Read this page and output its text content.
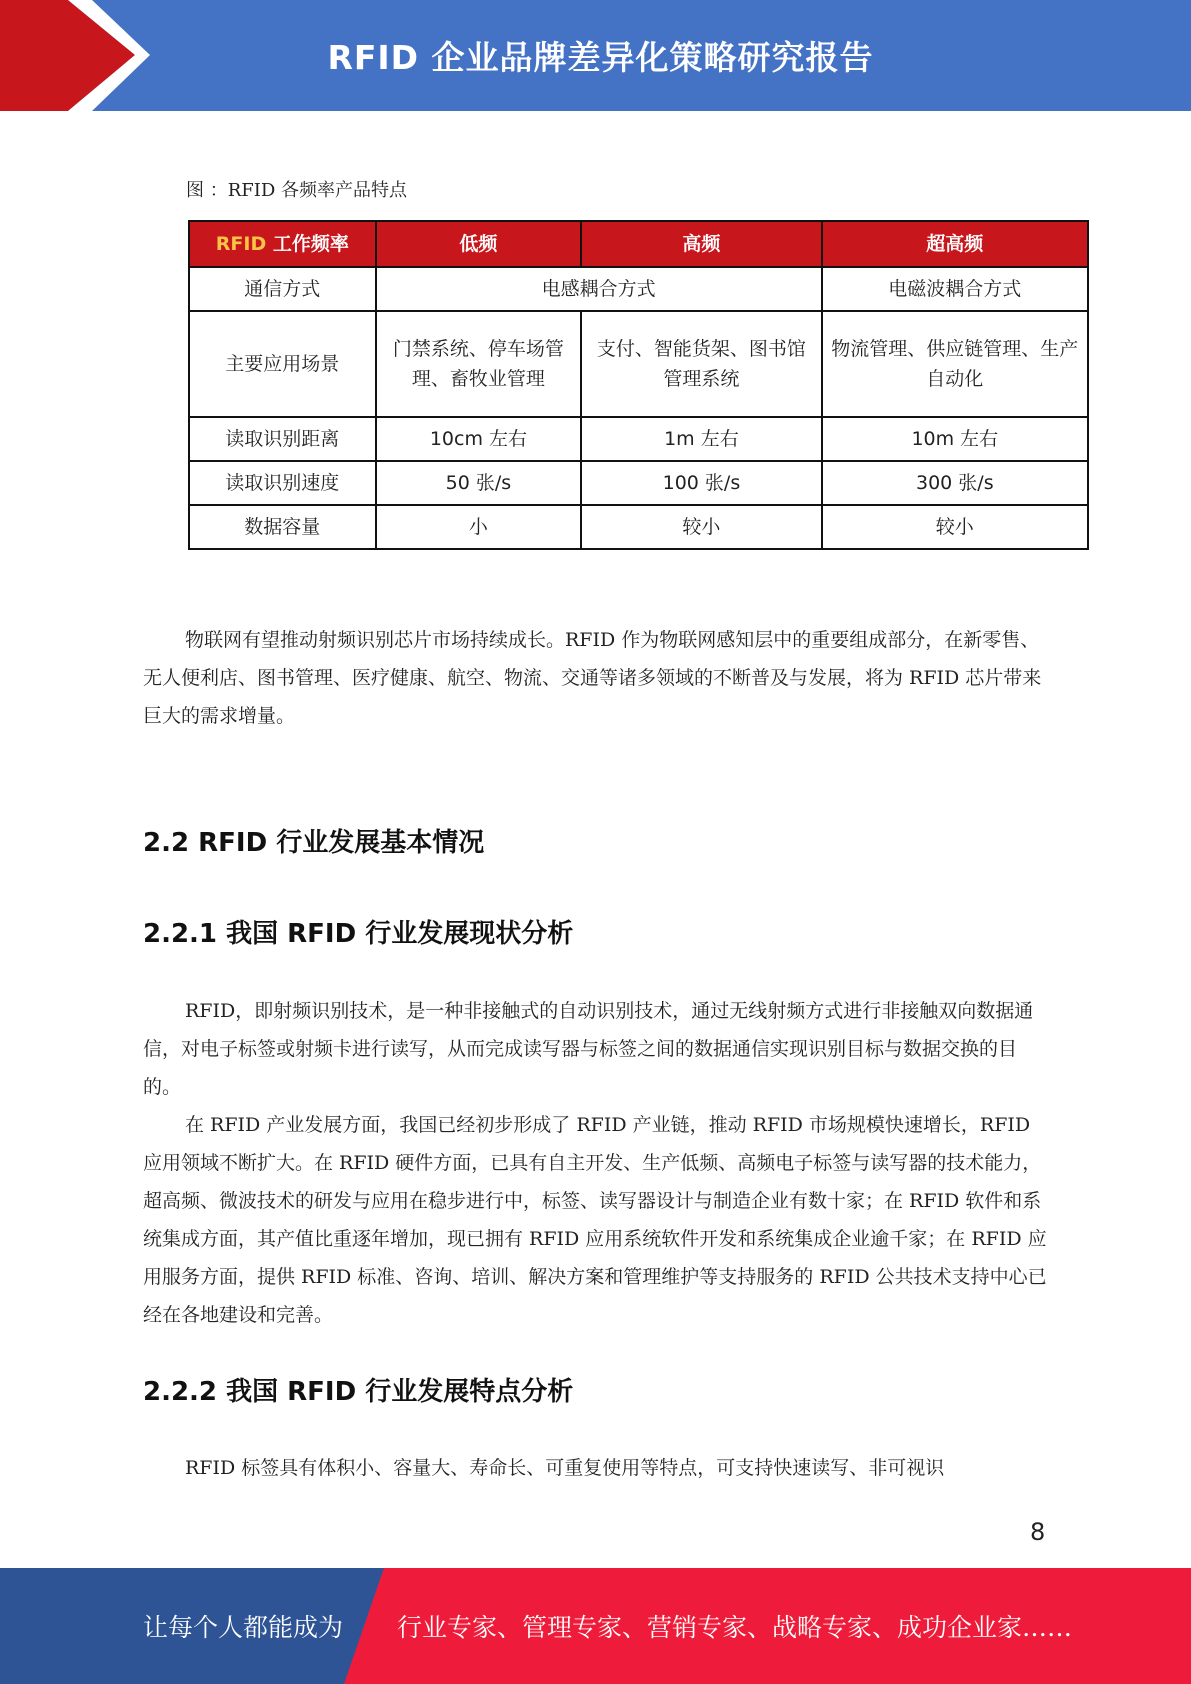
RFID 企业品牌差异化策略研究报告
图 ：RFID 各频率产品特点
RFID 工作频率	低频	高频	超高频
通信方式	电感耦合方式		电磁波耦合方式
主要应用场景	门禁系统、停车场管理、畜牧业管理	支付、智能货架、图书馆管理系统	物流管理、供应链管理、生产自动化
读取识别距离	10cm 左右	1m 左右	10m 左右
读取识别速度	50 张/s	100 张/s	300 张/s
数据容量	小	较小	较小

物联网有望推动射频识别芯片市场持续成长。RFID 作为物联网感知层中的重要组成部分，在新零售、无人便利店、图书管理、医疗健康、航空、物流、交通等诸多领域的不断普及与发展，将为 RFID 芯片带来巨大的需求增量。

2.2 RFID 行业发展基本情况
2.2.1 我国 RFID 行业发展现状分析

RFID，即射频识别技术，是一种非接触式的自动识别技术，通过无线射频方式进行非接触双向数据通信，对电子标签或射频卡进行读写，从而完成读写器与标签之间的数据通信实现识别目标与数据交换的目的。

在 RFID 产业发展方面，我国已经初步形成了 RFID 产业链，推动 RFID 市场规模快速增长，RFID 应用领域不断扩大。在 RFID 硬件方面，已具有自主开发、生产低频、高频电子标签与读写器的技术能力，超高频、微波技术的研发与应用在稳步进行中，标签、读写器设计与制造企业有数十家；在 RFID 软件和系统集成方面，其产值比重逐年增加，现已拥有 RFID 应用系统软件开发和系统集成企业逾千家；在 RFID 应用服务方面，提供 RFID 标准、咨询、培训、解决方案和管理维护等支持服务的 RFID 公共技术支持中心已经在各地建设和完善。

2.2.2 我国 RFID 行业发展特点分析

RFID 标签具有体积小、容量大、寿命长、可重复使用等特点，可支持快速读写、非可视识

8
让每个人都能成为 行业专家、管理专家、营销专家、战略专家、成功企业家……
